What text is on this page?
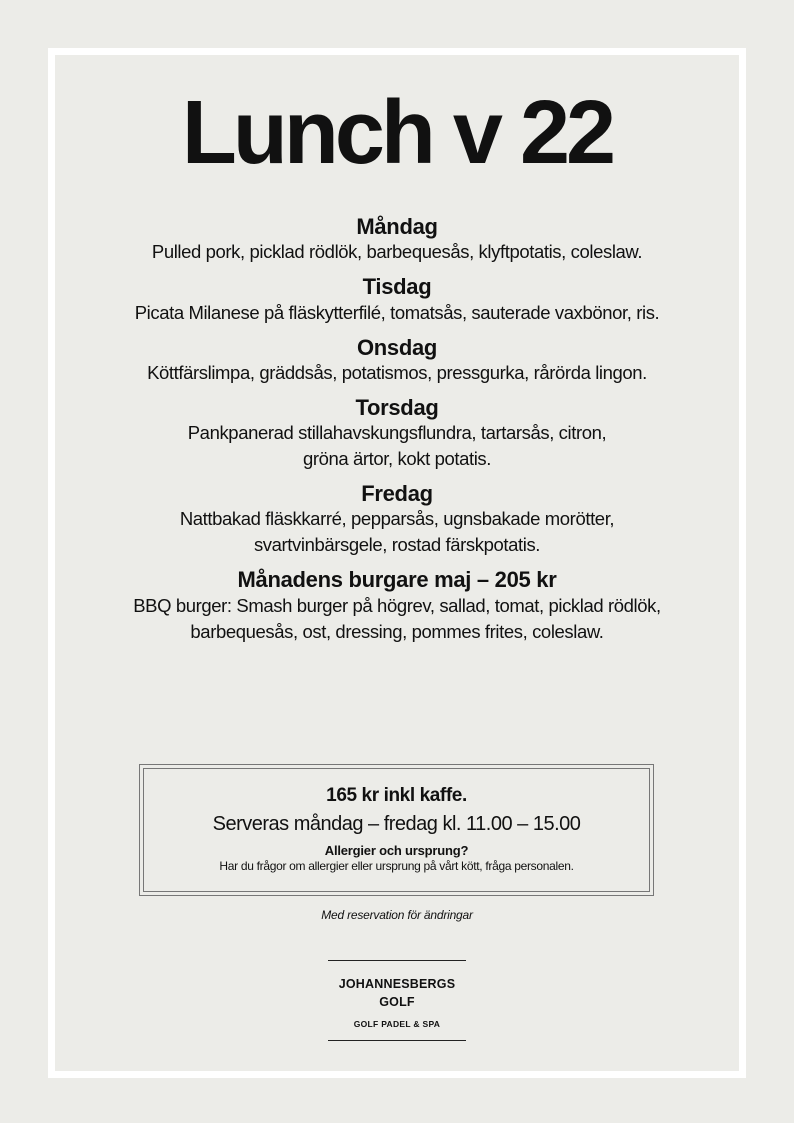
Lunch v 22
Måndag
Pulled pork, picklad rödlök, barbequesås, klyftpotatis, coleslaw.
Tisdag
Picata Milanese på fläskytterfilé, tomatsås, sauterade vaxbönor, ris.
Onsdag
Köttfärslimpa, gräddsås, potatismos, pressgurka, rårörda lingon.
Torsdag
Pankpanerad stillahavskungsflundra, tartarsås, citron,
gröna ärtor, kokt potatis.
Fredag
Nattbakad fläskkarré, pepparsås, ugnsbakade morötter,
svartvinbärsgele, rostad färskpotatis.
Månadens burgare maj – 205 kr
BBQ burger: Smash burger på högrev, sallad, tomat, picklad rödlök,
barbequesås, ost, dressing, pommes frites, coleslaw.
165 kr inkl kaffe.
Serveras måndag – fredag kl. 11.00 – 15.00
Allergier och ursprung?
Har du frågor om allergier eller ursprung på vårt kött, fråga personalen.
Med reservation för ändringar
JOHANNESBERGS
GOLF
GOLF PADEL & SPA
